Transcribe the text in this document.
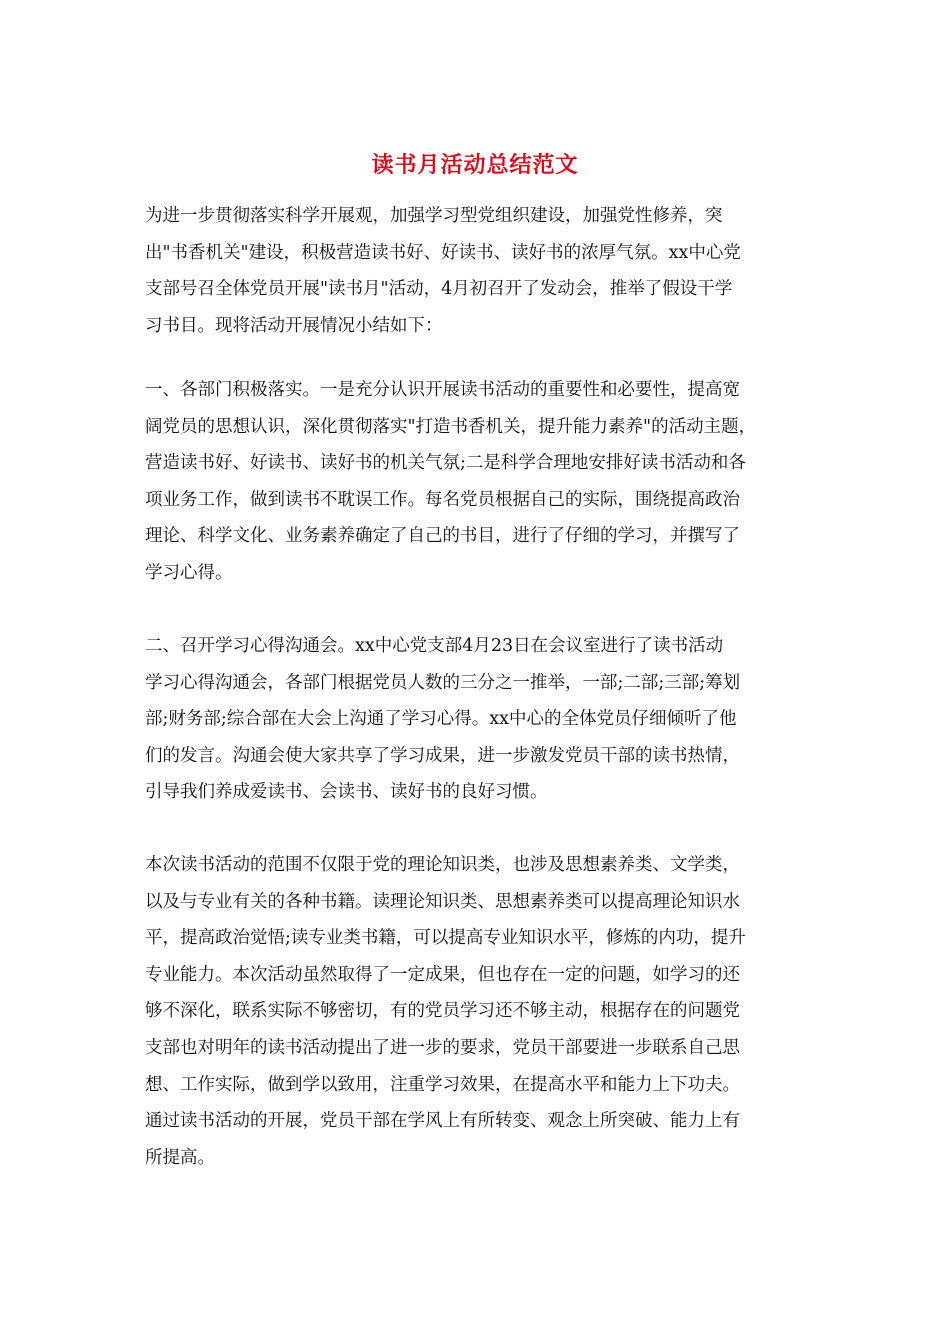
读书月活动总结范文
为进一步贯彻落实科学开展观，加强学习型党组织建设，加强党性修养，突
出"书香机关"建设，积极营造读书好、好读书、读好书的浓厚气氛。xx中心党
支部号召全体党员开展"读书月"活动，4月初召开了发动会，推举了假设干学
习书目。现将活动开展情况小结如下：
一、各部门积极落实。一是充分认识开展读书活动的重要性和必要性，提高宽
阔党员的思想认识，深化贯彻落实"打造书香机关，提升能力素养"的活动主题，
营造读书好、好读书、读好书的机关气氛;二是科学合理地安排好读书活动和各
项业务工作，做到读书不耽误工作。每名党员根据自己的实际，围绕提高政治
理论、科学文化、业务素养确定了自己的书目，进行了仔细的学习，并撰写了
学习心得。
二、召开学习心得沟通会。xx中心党支部4月23日在会议室进行了读书活动
学习心得沟通会，各部门根据党员人数的三分之一推举，一部;二部;三部;筹划
部;财务部;综合部在大会上沟通了学习心得。xx中心的全体党员仔细倾听了他
们的发言。沟通会使大家共享了学习成果，进一步激发党员干部的读书热情，
引导我们养成爱读书、会读书、读好书的良好习惯。
本次读书活动的范围不仅限于党的理论知识类，也涉及思想素养类、文学类，
以及与专业有关的各种书籍。读理论知识类、思想素养类可以提高理论知识水
平，提高政治觉悟;读专业类书籍，可以提高专业知识水平，修炼的内功，提升
专业能力。本次活动虽然取得了一定成果，但也存在一定的问题，如学习的还
够不深化，联系实际不够密切，有的党员学习还不够主动，根据存在的问题党
支部也对明年的读书活动提出了进一步的要求，党员干部要进一步联系自己思
想、工作实际，做到学以致用，注重学习效果，在提高水平和能力上下功夫。
通过读书活动的开展，党员干部在学风上有所转变、观念上所突破、能力上有
所提高。
